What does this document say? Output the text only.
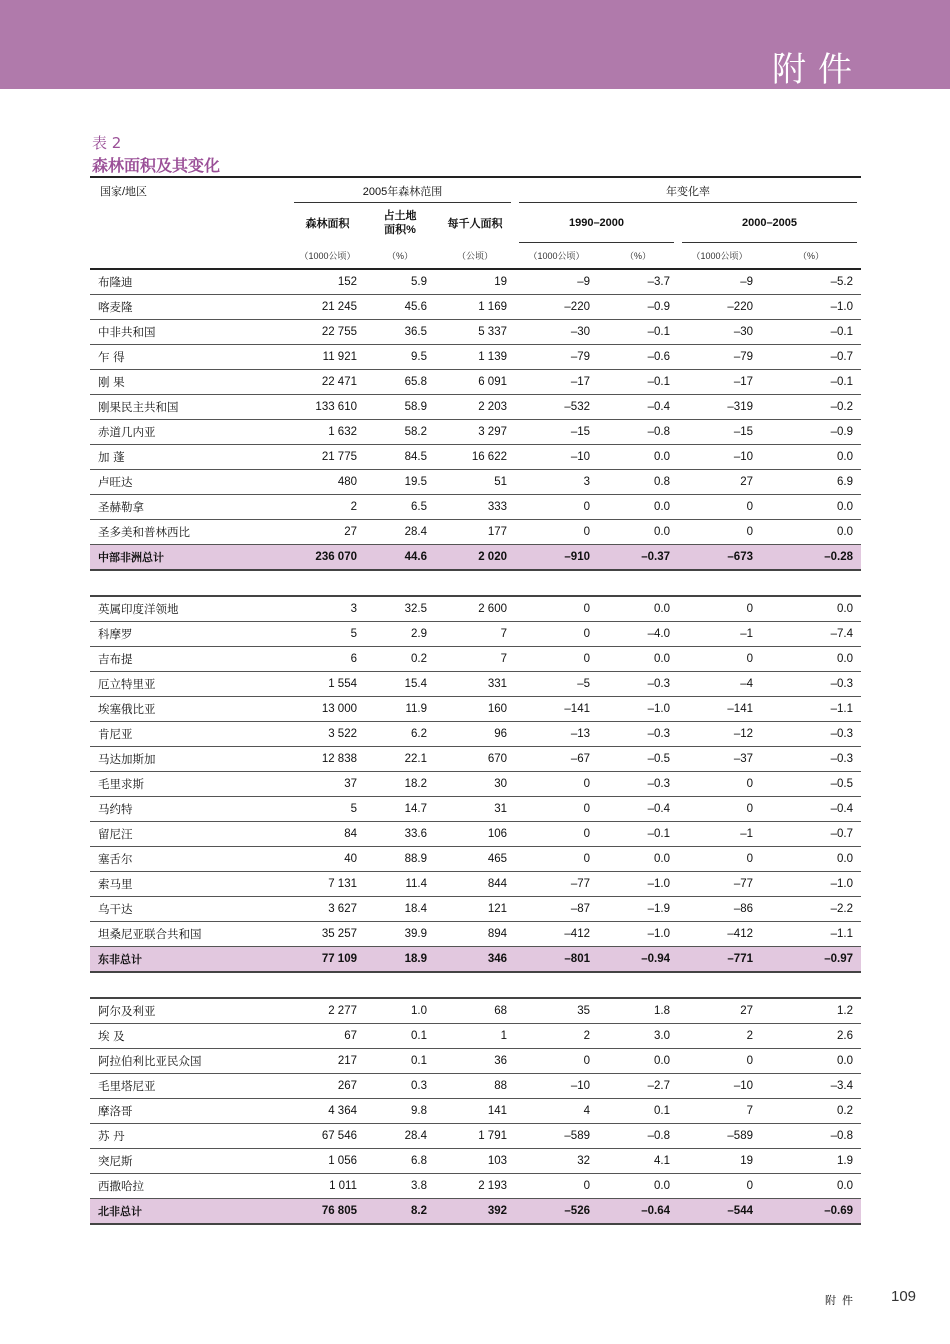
附件
表 2
森林面积及其变化
国家/地区	2005年森林范围			年变化率			
	森林面积	占土地面积%	每千人面积	1990–2000		2000–2005	
	（1000公顷）	（%）	（公顷）	（1000公顷）	（%）	（1000公顷）	（%）
布隆迪	152	5.9	19	–9	–3.7	–9	–5.2
喀麦隆	21 245	45.6	1 169	–220	–0.9	–220	–1.0
中非共和国	22 755	36.5	5 337	–30	–0.1	–30	–0.1
乍 得	11 921	9.5	1 139	–79	–0.6	–79	–0.7
刚 果	22 471	65.8	6 091	–17	–0.1	–17	–0.1
刚果民主共和国	133 610	58.9	2 203	–532	–0.4	–319	–0.2
赤道几内亚	1 632	58.2	3 297	–15	–0.8	–15	–0.9
加 蓬	21 775	84.5	16 622	–10	0.0	–10	0.0
卢旺达	480	19.5	51	3	0.8	27	6.9
圣赫勒拿	2	6.5	333	0	0.0	0	0.0
圣多美和普林西比	27	28.4	177	0	0.0	0	0.0
中部非洲总计	236 070	44.6	2 020	–910	–0.37	–673	–0.28

英属印度洋领地	3	32.5	2 600	0	0.0	0	0.0
科摩罗	5	2.9	7	0	–4.0	–1	–7.4
吉布提	6	0.2	7	0	0.0	0	0.0
厄立特里亚	1 554	15.4	331	–5	–0.3	–4	–0.3
埃塞俄比亚	13 000	11.9	160	–141	–1.0	–141	–1.1
肯尼亚	3 522	6.2	96	–13	–0.3	–12	–0.3
马达加斯加	12 838	22.1	670	–67	–0.5	–37	–0.3
毛里求斯	37	18.2	30	0	–0.3	0	–0.5
马约特	5	14.7	31	0	–0.4	0	–0.4
留尼汪	84	33.6	106	0	–0.1	–1	–0.7
塞舌尔	40	88.9	465	0	0.0	0	0.0
索马里	7 131	11.4	844	–77	–1.0	–77	–1.0
乌干达	3 627	18.4	121	–87	–1.9	–86	–2.2
坦桑尼亚联合共和国	35 257	39.9	894	–412	–1.0	–412	–1.1
东非总计	77 109	18.9	346	–801	–0.94	–771	–0.97

阿尔及利亚	2 277	1.0	68	35	1.8	27	1.2
埃 及	67	0.1	1	2	3.0	2	2.6
阿拉伯利比亚民众国	217	0.1	36	0	0.0	0	0.0
毛里塔尼亚	267	0.3	88	–10	–2.7	–10	–3.4
摩洛哥	4 364	9.8	141	4	0.1	7	0.2
苏 丹	67 546	28.4	1 791	–589	–0.8	–589	–0.8
突尼斯	1 056	6.8	103	32	4.1	19	1.9
西撒哈拉	1 011	3.8	2 193	0	0.0	0	0.0
北非总计	76 805	8.2	392	–526	–0.64	–544	–0.69
附件 109
